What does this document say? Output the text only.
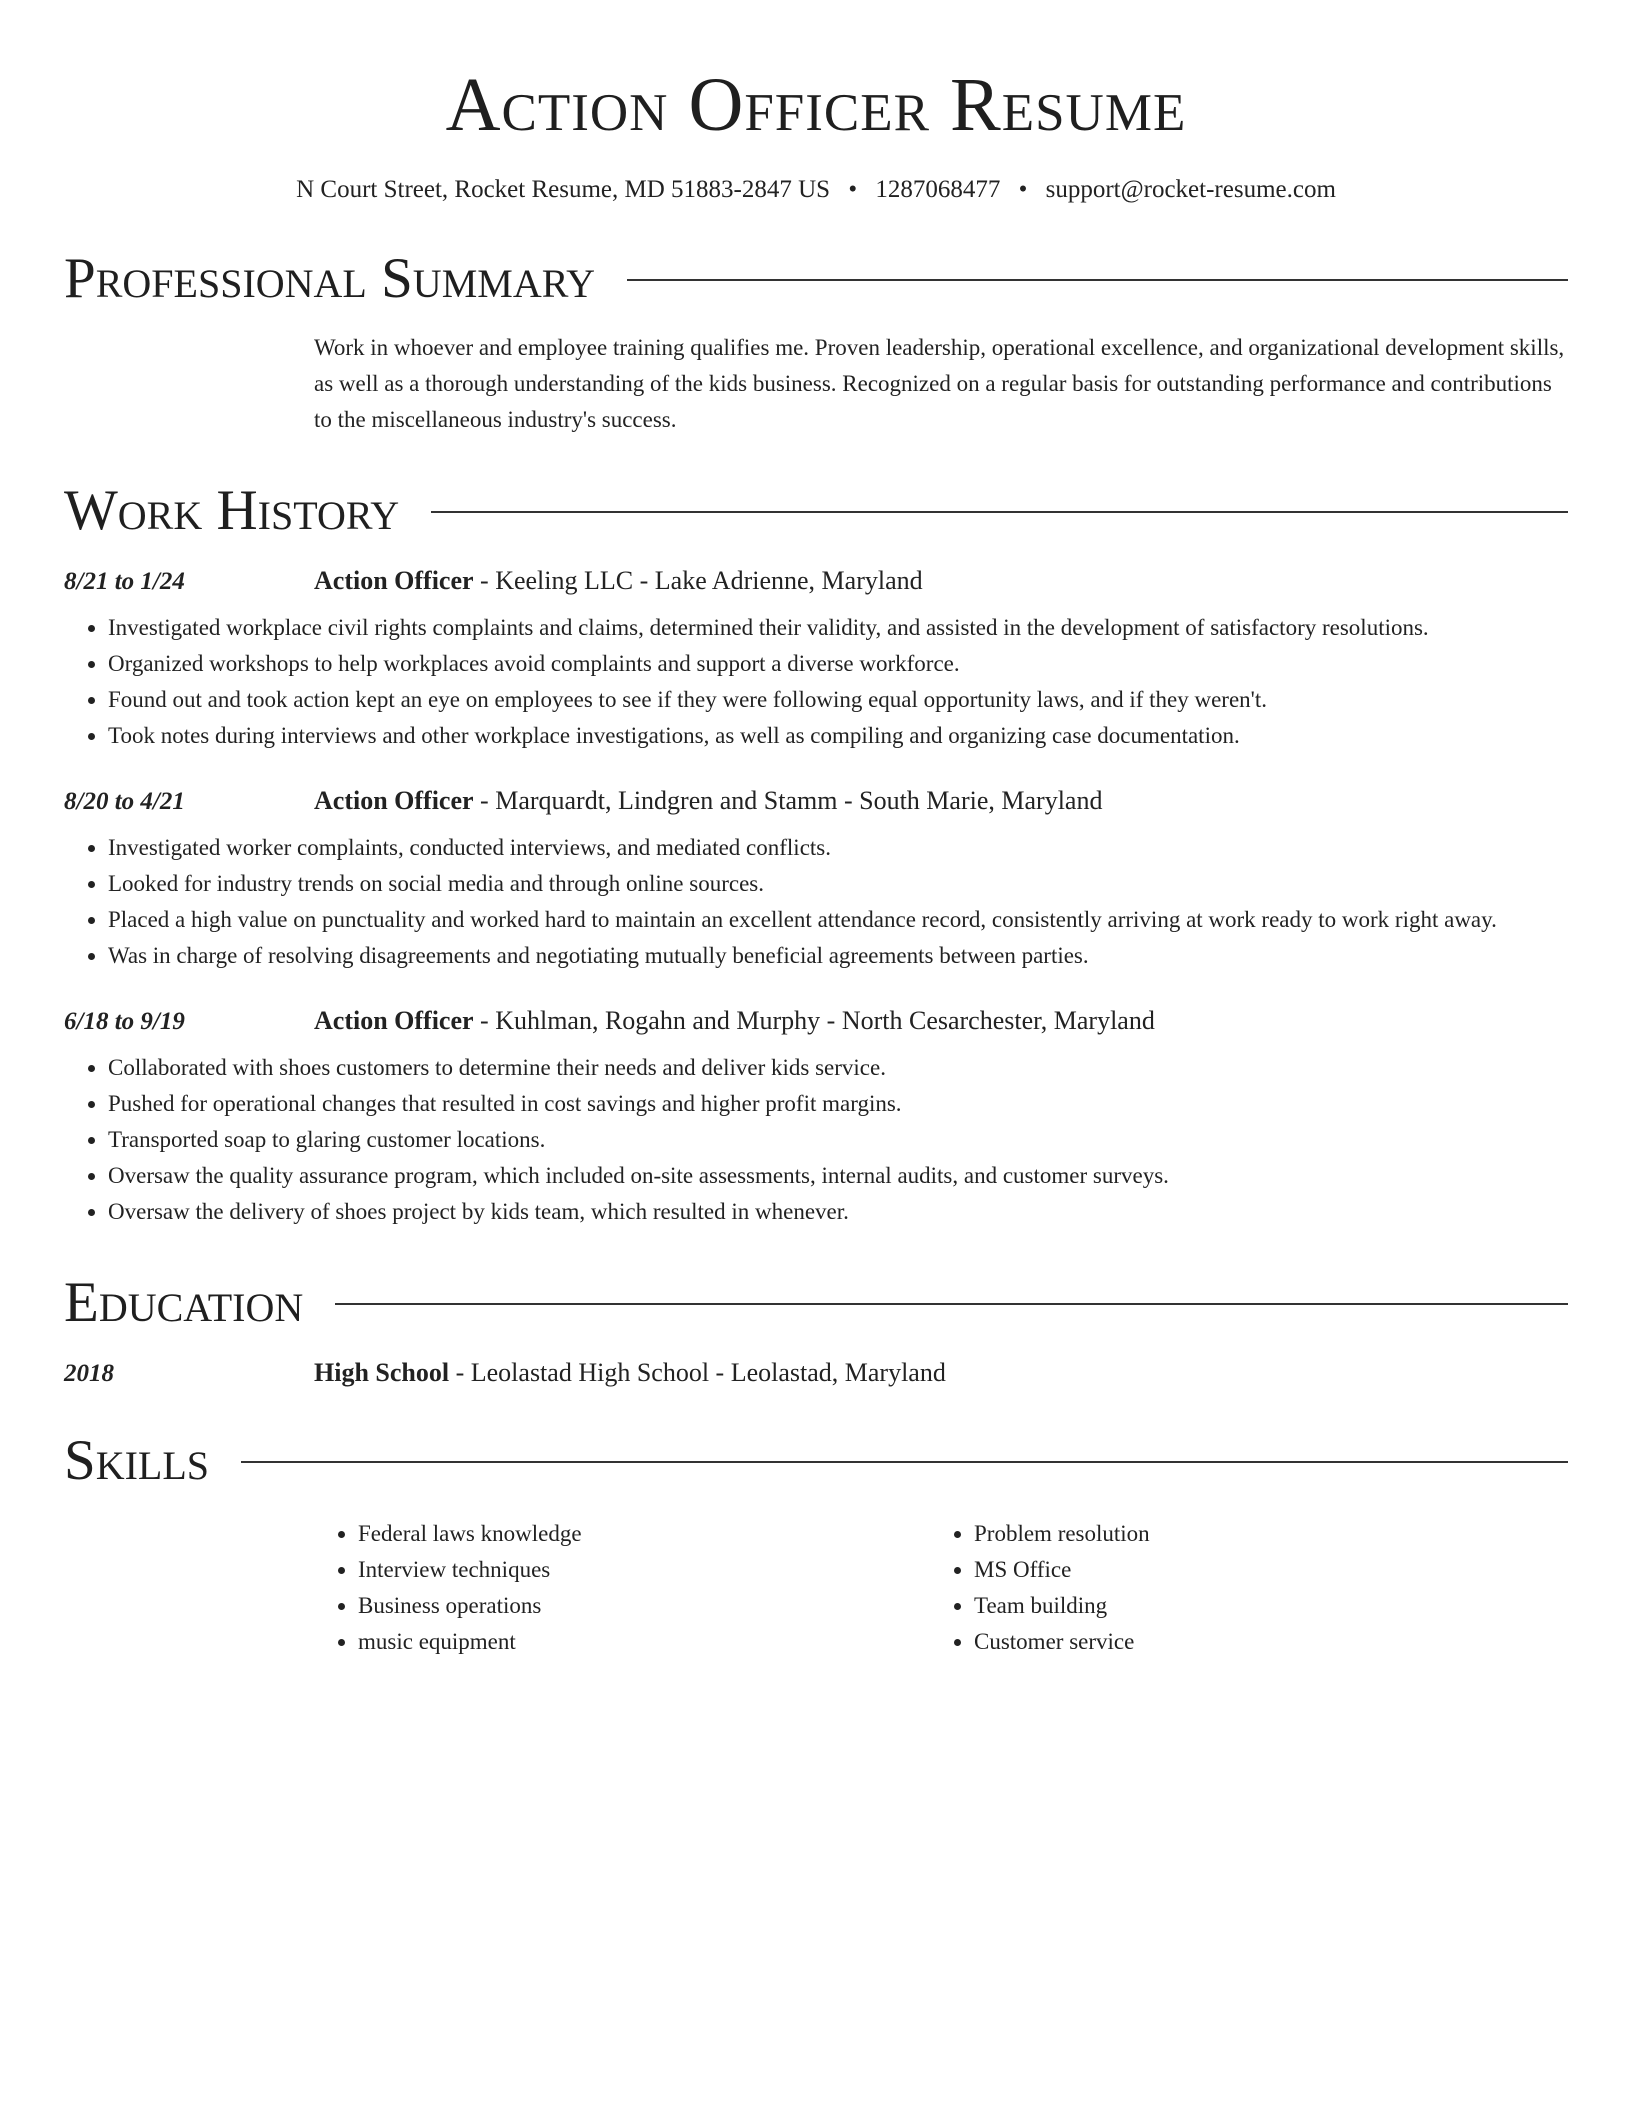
Action Officer Resume
N Court Street, Rocket Resume, MD 51883-2847 US • 1287068477 • support@rocket-resume.com
Professional Summary
Work in whoever and employee training qualifies me. Proven leadership, operational excellence, and organizational development skills, as well as a thorough understanding of the kids business. Recognized on a regular basis for outstanding performance and contributions to the miscellaneous industry's success.
Work History
8/21 to 1/24	Action Officer - Keeling LLC - Lake Adrienne, Maryland
• Investigated workplace civil rights complaints and claims, determined their validity, and assisted in the development of satisfactory resolutions.
• Organized workshops to help workplaces avoid complaints and support a diverse workforce.
• Found out and took action kept an eye on employees to see if they were following equal opportunity laws, and if they weren't.
• Took notes during interviews and other workplace investigations, as well as compiling and organizing case documentation.
8/20 to 4/21	Action Officer - Marquardt, Lindgren and Stamm - South Marie, Maryland
• Investigated worker complaints, conducted interviews, and mediated conflicts.
• Looked for industry trends on social media and through online sources.
• Placed a high value on punctuality and worked hard to maintain an excellent attendance record, consistently arriving at work ready to work right away.
• Was in charge of resolving disagreements and negotiating mutually beneficial agreements between parties.
6/18 to 9/19	Action Officer - Kuhlman, Rogahn and Murphy - North Cesarchester, Maryland
• Collaborated with shoes customers to determine their needs and deliver kids service.
• Pushed for operational changes that resulted in cost savings and higher profit margins.
• Transported soap to glaring customer locations.
• Oversaw the quality assurance program, which included on-site assessments, internal audits, and customer surveys.
• Oversaw the delivery of shoes project by kids team, which resulted in whenever.
Education
2018	High School - Leolastad High School - Leolastad, Maryland
Skills
• Federal laws knowledge
• Interview techniques
• Business operations
• music equipment
• Problem resolution
• MS Office
• Team building
• Customer service
